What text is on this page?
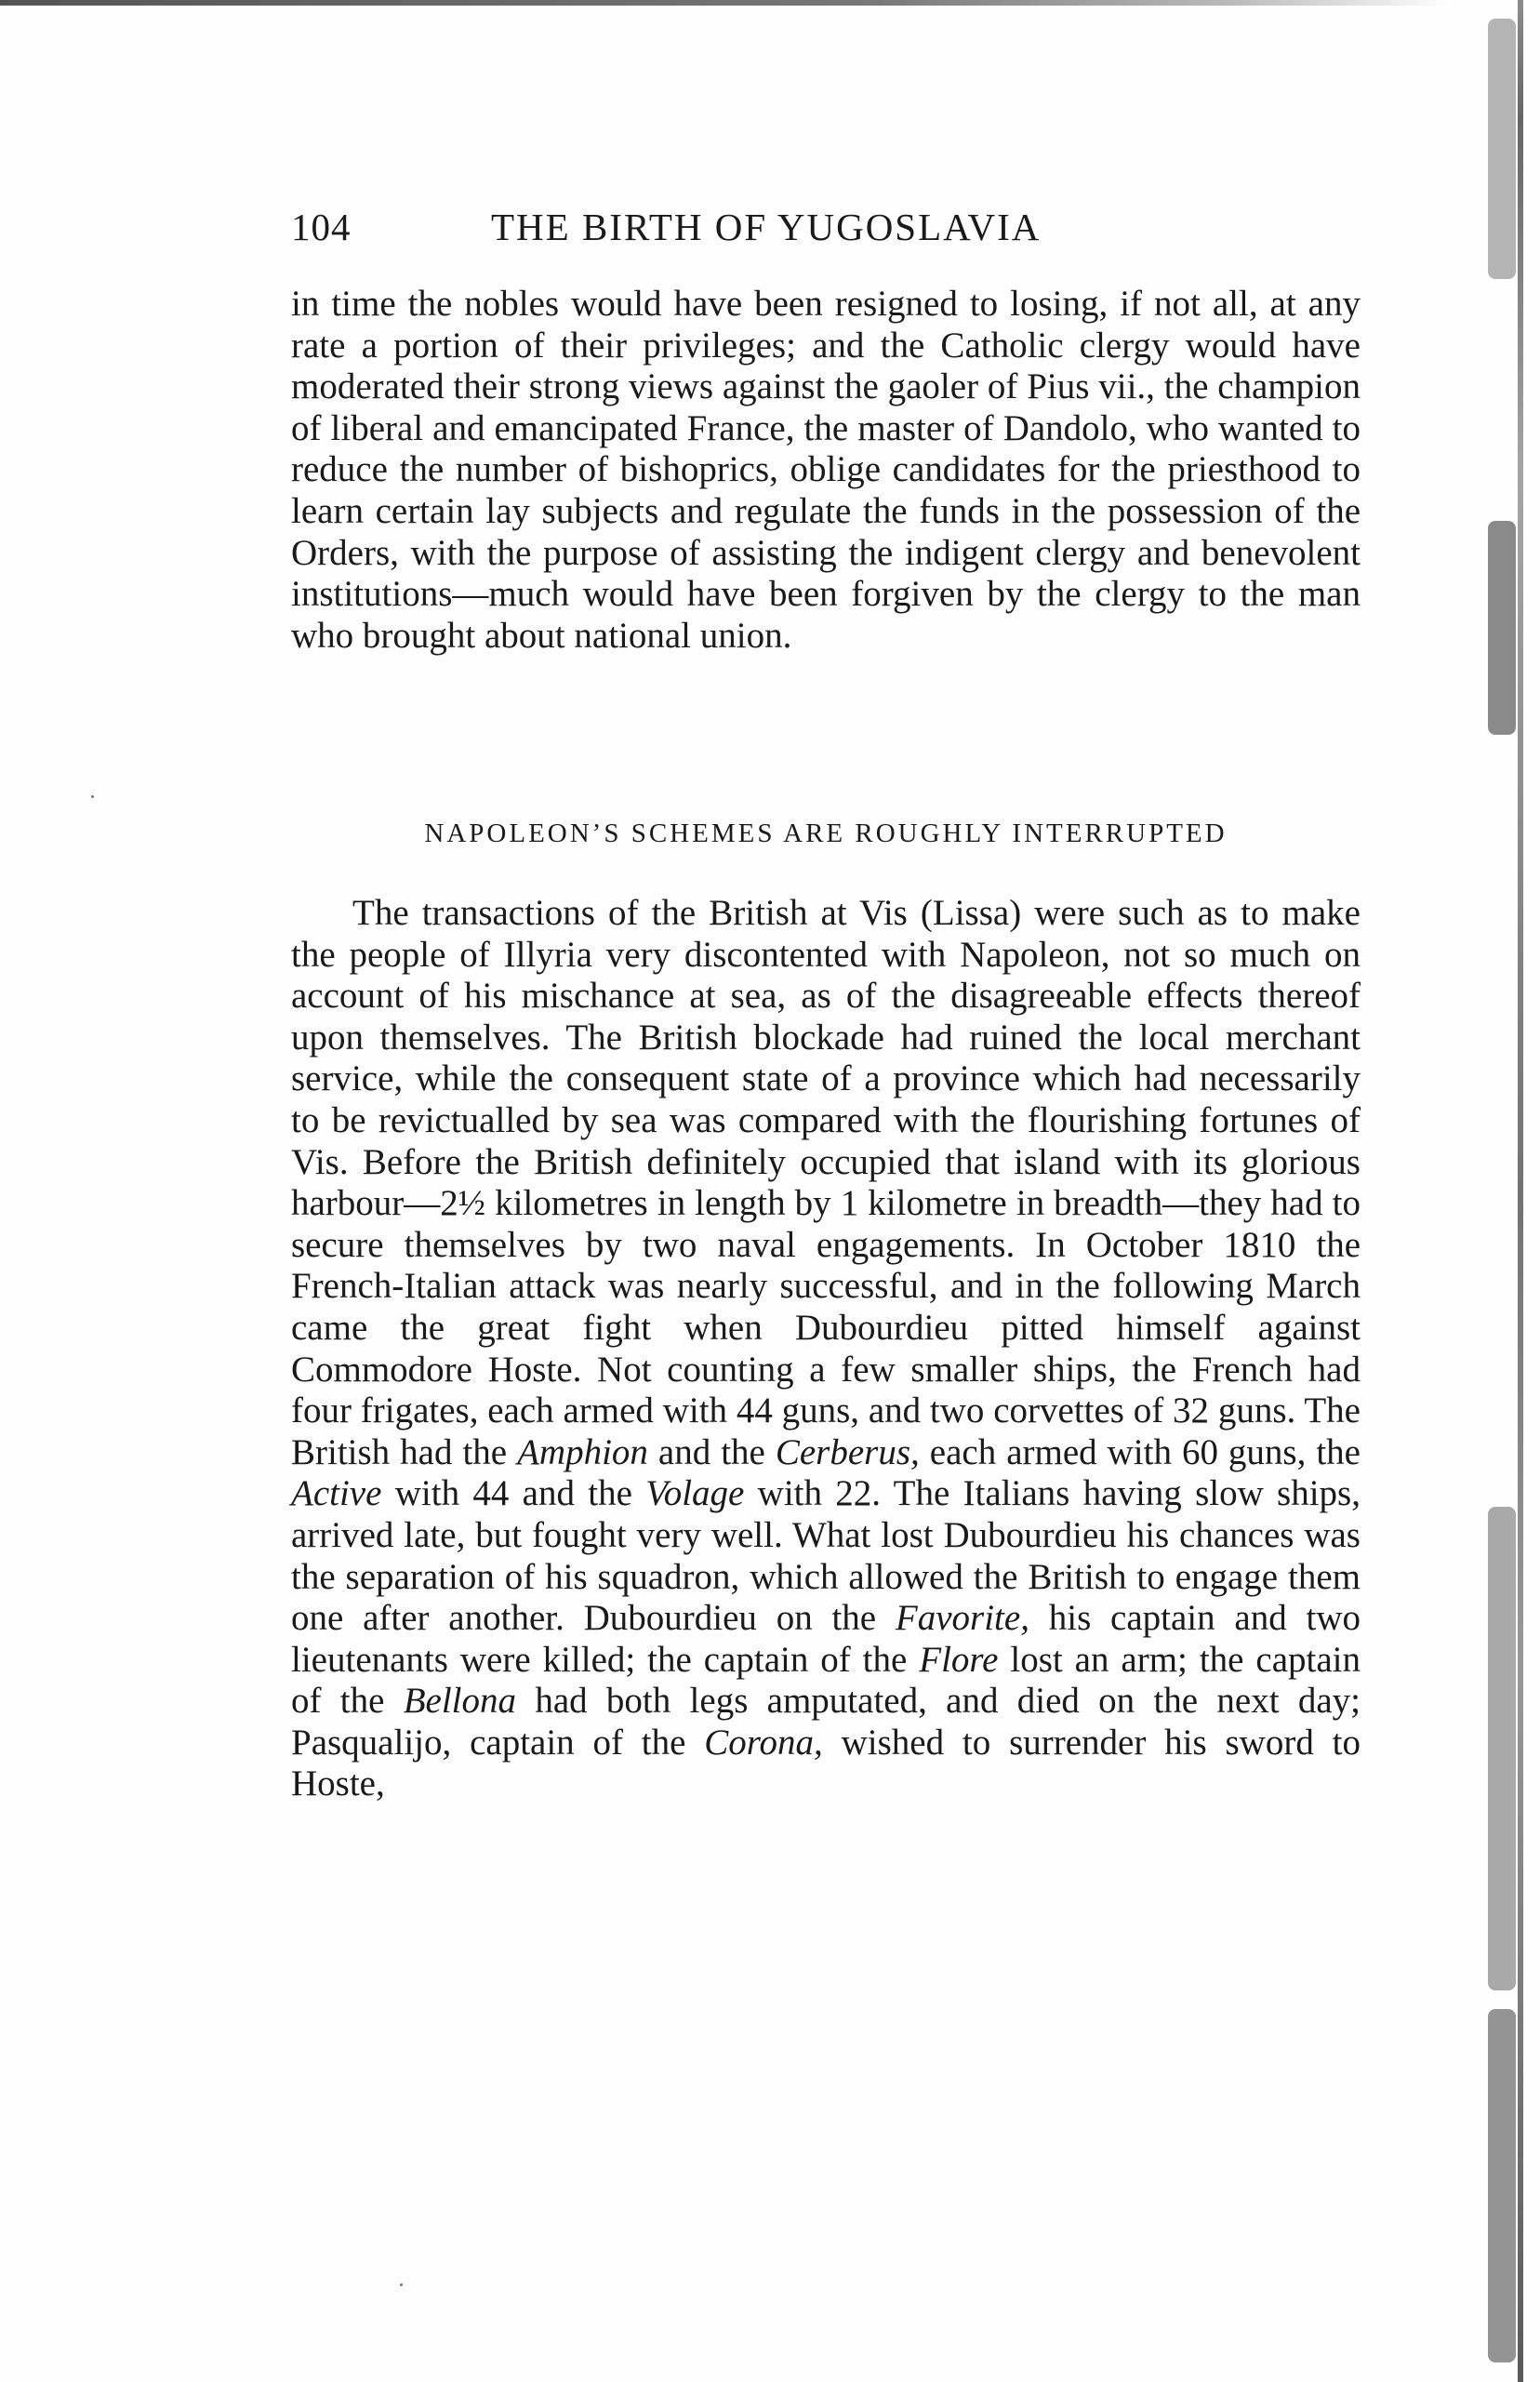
104	THE BIRTH OF YUGOSLAVIA

in time the nobles would have been resigned to losing, if not all, at any rate a portion of their privileges; and the Catholic clergy would have moderated their strong views against the gaoler of Pius vii., the champion of liberal and emancipated France, the master of Dandolo, who wanted to reduce the number of bishoprics, oblige candidates for the priesthood to learn certain lay subjects and regulate the funds in the possession of the Orders, with the purpose of assisting the indigent clergy and benevolent institutions—much would have been forgiven by the clergy to the man who brought about national union.

NAPOLEON’S SCHEMES ARE ROUGHLY INTERRUPTED

The transactions of the British at Vis (Lissa) were such as to make the people of Illyria very discontented with Napoleon, not so much on account of his mischance at sea, as of the disagreeable effects thereof upon themselves. The British blockade had ruined the local merchant service, while the consequent state of a province which had necessarily to be revictualled by sea was compared with the flourishing fortunes of Vis. Before the British definitely occupied that island with its glorious harbour—2½ kilometres in length by 1 kilometre in breadth—they had to secure themselves by two naval engagements. In October 1810 the French-Italian attack was nearly successful, and in the following March came the great fight when Dubourdieu pitted himself against Commodore Hoste. Not counting a few smaller ships, the French had four frigates, each armed with 44 guns, and two corvettes of 32 guns. The British had the Amphion and the Cerberus, each armed with 60 guns, the Active with 44 and the Volage with 22. The Italians having slow ships, arrived late, but fought very well. What lost Dubourdieu his chances was the separation of his squadron, which allowed the British to engage them one after another. Dubourdieu on the Favorite, his captain and two lieutenants were killed; the captain of the Flore lost an arm; the captain of the Bellona had both legs amputated, and died on the next day; Pasqualijo, captain of the Corona, wished to surrender his sword to Hoste,
